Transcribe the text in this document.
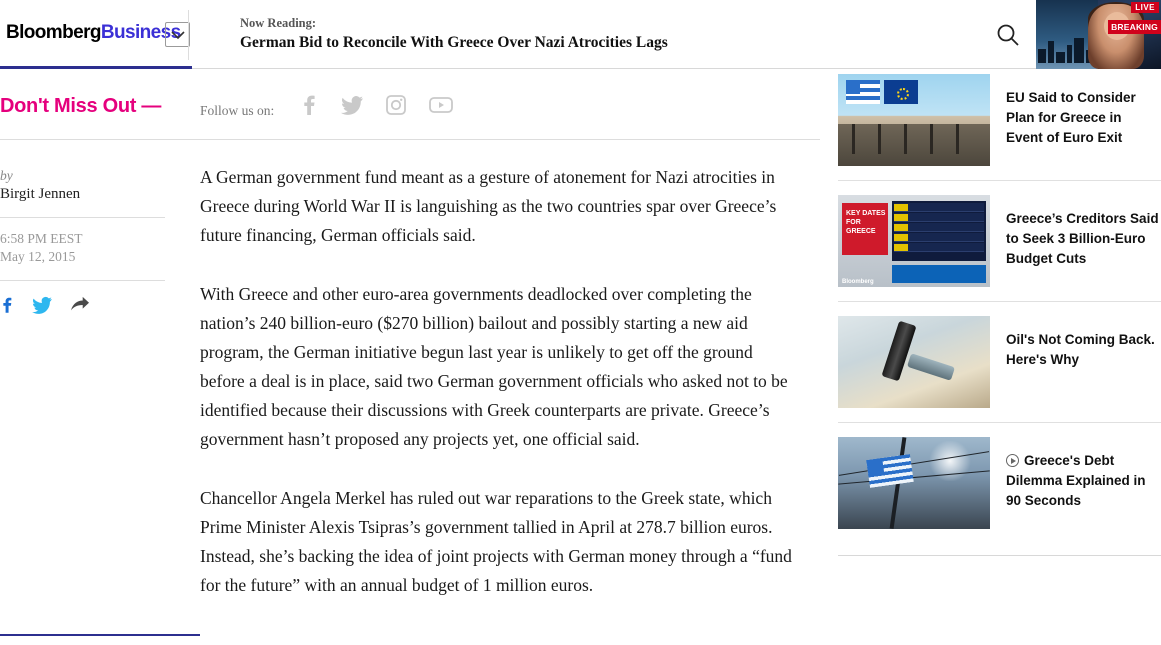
BloombergBusiness	Now Reading:
German Bid to Reconcile With Greece Over Nazi Atrocities Lags
LIVE
BREAKING
Don't Miss Out —	Follow us on:
by
Birgit Jennen
6:58 PM EEST
May 12, 2015

A German government fund meant as a gesture of atonement for Nazi atrocities in Greece during World War II is languishing as the two countries spar over Greece’s future financing, German officials said.

With Greece and other euro-area governments deadlocked over completing the nation’s 240 billion-euro ($270 billion) bailout and possibly starting a new aid program, the German initiative begun last year is unlikely to get off the ground before a deal is in place, said two German government officials who asked not to be identified because their discussions with Greek counterparts are private. Greece’s government hasn’t proposed any projects yet, one official said.

Chancellor Angela Merkel has ruled out war reparations to the Greek state, which Prime Minister Alexis Tsipras’s government tallied in April at 278.7 billion euros. Instead, she’s backing the idea of joint projects with German money through a “fund for the future” with an annual budget of 1 million euros.

EU Said to Consider Plan for Greece in Event of Euro Exit
KEY DATES
FOR
GREECE
Bloomberg
Greece’s Creditors Said to Seek 3 Billion-Euro Budget Cuts
Oil's Not Coming Back. Here's Why
Greece's Debt Dilemma Explained in 90 Seconds
